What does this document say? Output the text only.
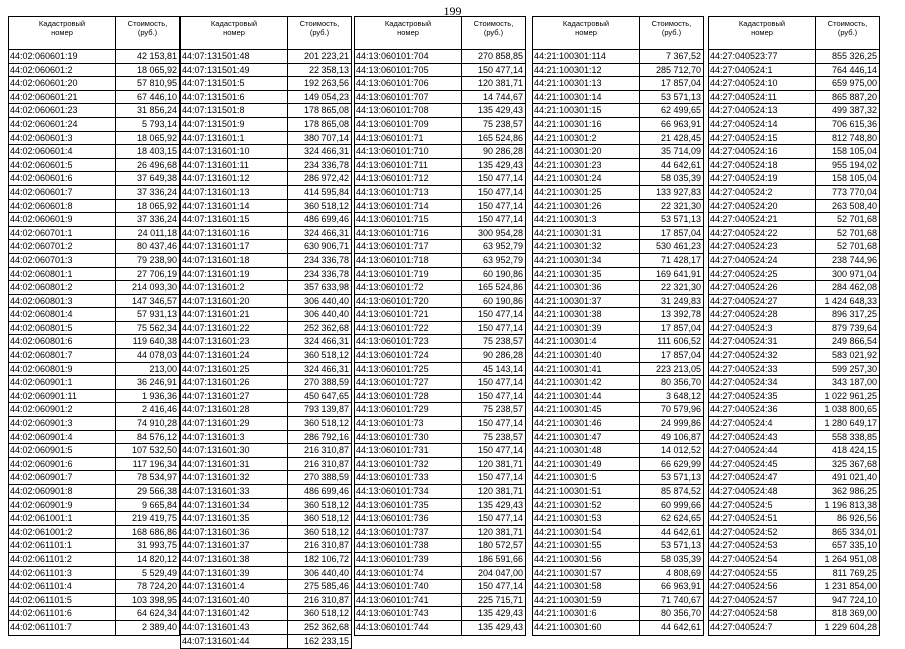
199
Кадастровый
номер
Стоимость,
(руб.)
44:02:060601:19	42 153,81
44:02:060601:2	18 065,92
44:02:060601:20	57 810,95
44:02:060601:21	67 446,10
44:02:060601:23	31 856,24
44:02:060601:24	5 793,14
44:02:060601:3	18 065,92
44:02:060601:4	18 403,15
44:02:060601:5	26 496,68
44:02:060601:6	37 649,38
44:02:060601:7	37 336,24
44:02:060601:8	18 065,92
44:02:060601:9	37 336,24
44:02:060701:1	24 011,18
44:02:060701:2	80 437,46
44:02:060701:3	79 238,90
44:02:060801:1	27 706,19
44:02:060801:2	214 093,30
44:02:060801:3	147 346,57
44:02:060801:4	57 931,13
44:02:060801:5	75 562,34
44:02:060801:6	119 640,38
44:02:060801:7	44 078,03
44:02:060801:9	213,00
44:02:060901:1	36 246,91
44:02:060901:11	1 936,36
44:02:060901:2	2 416,46
44:02:060901:3	74 910,28
44:02:060901:4	84 576,12
44:02:060901:5	107 532,50
44:02:060901:6	117 196,34
44:02:060901:7	78 534,97
44:02:060901:8	29 566,38
44:02:060901:9	9 665,84
44:02:061001:1	219 419,75
44:02:061001:2	168 686,86
44:02:061101:1	31 993,75
44:02:061101:2	14 820,12
44:02:061101:3	5 529,49
44:02:061101:4	78 724,20
44:02:061101:5	103 398,95
44:02:061101:6	64 624,34
44:02:061101:7	2 389,40
Кадастровый
номер
Стоимость,
(руб.)
44:07:131501:48	201 223,21
44:07:131501:49	22 358,13
44:07:131501:5	192 263,56
44:07:131501:6	149 054,23
44:07:131501:8	178 865,08
44:07:131501:9	178 865,08
44:07:131601:1	380 707,14
44:07:131601:10	324 466,31
44:07:131601:11	234 336,78
44:07:131601:12	286 972,42
44:07:131601:13	414 595,84
44:07:131601:14	360 518,12
44:07:131601:15	486 699,46
44:07:131601:16	324 466,31
44:07:131601:17	630 906,71
44:07:131601:18	234 336,78
44:07:131601:19	234 336,78
44:07:131601:2	357 633,98
44:07:131601:20	306 440,40
44:07:131601:21	306 440,40
44:07:131601:22	252 362,68
44:07:131601:23	324 466,31
44:07:131601:24	360 518,12
44:07:131601:25	324 466,31
44:07:131601:26	270 388,59
44:07:131601:27	450 647,65
44:07:131601:28	793 139,87
44:07:131601:29	360 518,12
44:07:131601:3	286 792,16
44:07:131601:30	216 310,87
44:07:131601:31	216 310,87
44:07:131601:32	270 388,59
44:07:131601:33	486 699,46
44:07:131601:34	360 518,12
44:07:131601:35	360 518,12
44:07:131601:36	360 518,12
44:07:131601:37	216 310,87
44:07:131601:38	182 106,72
44:07:131601:39	306 440,40
44:07:131601:4	275 585,46
44:07:131601:40	216 310,87
44:07:131601:42	360 518,12
44:07:131601:43	252 362,68
44:07:131601:44	162 233,15
Кадастровый
номер
Стоимость,
(руб.)
44:13:060101:704	270 858,85
44:13:060101:705	150 477,14
44:13:060101:706	120 381,71
44:13:060101:707	14 744,67
44:13:060101:708	135 429,43
44:13:060101:709	75 238,57
44:13:060101:71	165 524,86
44:13:060101:710	90 286,28
44:13:060101:711	135 429,43
44:13:060101:712	150 477,14
44:13:060101:713	150 477,14
44:13:060101:714	150 477,14
44:13:060101:715	150 477,14
44:13:060101:716	300 954,28
44:13:060101:717	63 952,79
44:13:060101:718	63 952,79
44:13:060101:719	60 190,86
44:13:060101:72	165 524,86
44:13:060101:720	60 190,86
44:13:060101:721	150 477,14
44:13:060101:722	150 477,14
44:13:060101:723	75 238,57
44:13:060101:724	90 286,28
44:13:060101:725	45 143,14
44:13:060101:727	150 477,14
44:13:060101:728	150 477,14
44:13:060101:729	75 238,57
44:13:060101:73	150 477,14
44:13:060101:730	75 238,57
44:13:060101:731	150 477,14
44:13:060101:732	120 381,71
44:13:060101:733	150 477,14
44:13:060101:734	120 381,71
44:13:060101:735	135 429,43
44:13:060101:736	150 477,14
44:13:060101:737	120 381,71
44:13:060101:738	180 572,57
44:13:060101:739	186 591,66
44:13:060101:74	204 047,00
44:13:060101:740	150 477,14
44:13:060101:741	225 715,71
44:13:060101:743	135 429,43
44:13:060101:744	135 429,43
Кадастровый
номер
Стоимость,
(руб.)
44:21:100301:114	7 367,52
44:21:100301:12	285 712,70
44:21:100301:13	17 857,04
44:21:100301:14	53 571,13
44:21:100301:15	62 499,65
44:21:100301:16	66 963,91
44:21:100301:2	21 428,45
44:21:100301:20	35 714,09
44:21:100301:23	44 642,61
44:21:100301:24	58 035,39
44:21:100301:25	133 927,83
44:21:100301:26	22 321,30
44:21:100301:3	53 571,13
44:21:100301:31	17 857,04
44:21:100301:32	530 461,23
44:21:100301:34	71 428,17
44:21:100301:35	169 641,91
44:21:100301:36	22 321,30
44:21:100301:37	31 249,83
44:21:100301:38	13 392,78
44:21:100301:39	17 857,04
44:21:100301:4	111 606,52
44:21:100301:40	17 857,04
44:21:100301:41	223 213,05
44:21:100301:42	80 356,70
44:21:100301:44	3 648,12
44:21:100301:45	70 579,96
44:21:100301:46	24 999,86
44:21:100301:47	49 106,87
44:21:100301:48	14 012,52
44:21:100301:49	66 629,99
44:21:100301:5	53 571,13
44:21:100301:51	85 874,52
44:21:100301:52	60 999,66
44:21:100301:53	62 624,65
44:21:100301:54	44 642,61
44:21:100301:55	53 571,13
44:21:100301:56	58 035,39
44:21:100301:57	4 808,69
44:21:100301:58	66 963,91
44:21:100301:59	71 740,67
44:21:100301:6	80 356,70
44:21:100301:60	44 642,61
Кадастровый
номер
Стоимость,
(руб.)
44:27:040523:77	855 326,25
44:27:040524:1	764 446,14
44:27:040524:10	659 975,00
44:27:040524:11	865 887,20
44:27:040524:13	499 387,32
44:27:040524:14	706 615,36
44:27:040524:15	812 748,80
44:27:040524:16	158 105,04
44:27:040524:18	955 194,02
44:27:040524:19	158 105,04
44:27:040524:2	773 770,04
44:27:040524:20	263 508,40
44:27:040524:21	52 701,68
44:27:040524:22	52 701,68
44:27:040524:23	52 701,68
44:27:040524:24	238 744,96
44:27:040524:25	300 971,04
44:27:040524:26	284 462,08
44:27:040524:27	1 424 648,33
44:27:040524:28	896 317,25
44:27:040524:3	879 739,64
44:27:040524:31	249 866,54
44:27:040524:32	583 021,92
44:27:040524:33	599 257,30
44:27:040524:34	343 187,00
44:27:040524:35	1 022 961,25
44:27:040524:36	1 038 800,65
44:27:040524:4	1 280 649,17
44:27:040524:43	558 338,85
44:27:040524:44	418 424,15
44:27:040524:45	325 367,68
44:27:040524:47	491 021,40
44:27:040524:48	362 986,25
44:27:040524:5	1 196 813,38
44:27:040524:51	86 926,56
44:27:040524:52	865 334,01
44:27:040524:53	657 335,10
44:27:040524:54	1 264 951,08
44:27:040524:55	811 769,25
44:27:040524:56	1 231 854,00
44:27:040524:57	947 724,10
44:27:040524:58	818 369,00
44:27:040524:7	1 229 604,28
